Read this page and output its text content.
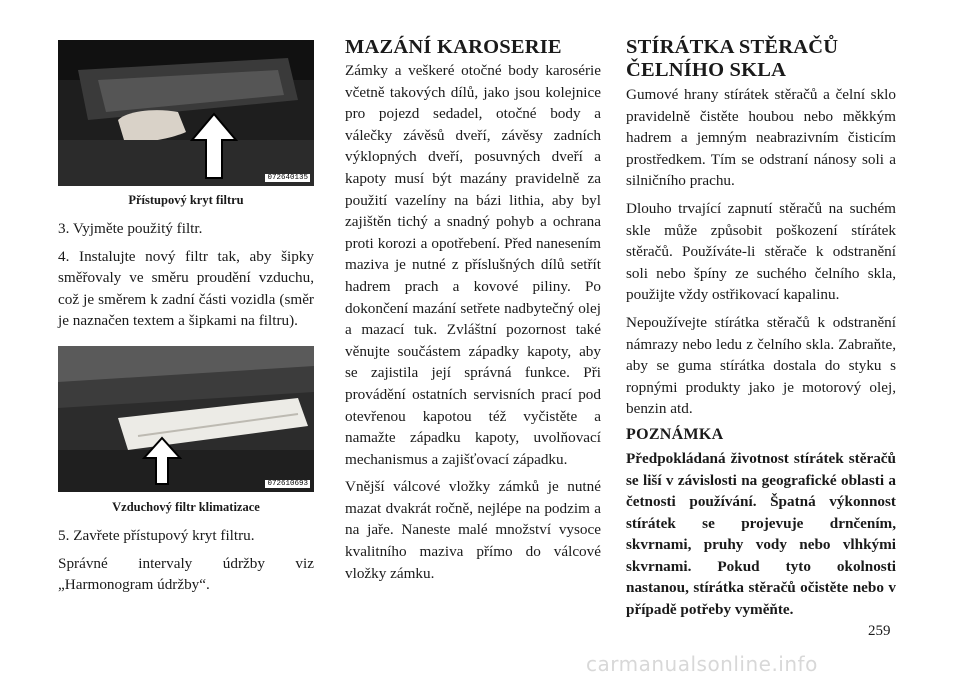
072640135
Přístupový kryt filtru

3. Vyjměte použitý filtr.

4. Instalujte nový filtr tak, aby šipky směřovaly ve směru proudění vzduchu, což je směrem k zadní části vozidla (směr je naznačen textem a šipkami na filtru).

072610693
Vzduchový filtr klimatizace

5. Zavřete přístupový kryt filtru.

Správné intervaly údržby viz „Harmonogram údržby“.

MAZÁNÍ KAROSERIE

Zámky a veškeré otočné body karosérie včetně takových dílů, jako jsou kolejnice pro pojezd sedadel, otočné body a válečky závěsů dveří, závěsy zadních výklopných dveří, posuvných dveří a kapoty musí být mazány pravidelně za použití vazelíny na bázi lithia, aby byl zajištěn tichý a snadný pohyb a ochrana proti korozi a opotřebení. Před nanesením maziva je nutné z příslušných dílů setřít hadrem prach a kovové piliny. Po dokončení mazání setřete nadbytečný olej a mazací tuk. Zvláštní pozornost také věnujte součástem západky kapoty, aby se zajistila její správná funkce. Při provádění ostatních servisních prací pod otevřenou kapotou též vyčistěte a namažte západku kapoty, uvolňovací mechanismus a zajišťovací západku.

Vnější válcové vložky zámků je nutné mazat dvakrát ročně, nejlépe na podzim a na jaře. Naneste malé množství vysoce kvalitního maziva přímo do válcové vložky zámku.

STÍRÁTKA STĚRAČŮ
ČELNÍHO SKLA

Gumové hrany stírátek stěračů a čelní sklo pravidelně čistěte houbou nebo měkkým hadrem a jemným neabrazivním čisticím prostředkem. Tím se odstraní nánosy soli a silničního prachu.

Dlouho trvající zapnutí stěračů na suchém skle může způsobit poškození stírátek stěračů. Používáte-li stěrače k odstranění soli nebo špíny ze suchého čelního skla, použijte vždy ostřikovací kapalinu.

Nepoužívejte stírátka stěračů k odstranění námrazy nebo ledu z čelního skla. Zabraňte, aby se guma stírátka dostala do styku s ropnými produkty jako je motorový olej, benzin atd.

POZNÁMKA

Předpokládaná životnost stírátek stěračů se liší v závislosti na geografické oblasti a četnosti používání. Špatná výkonnost stírátek se projevuje drnčením, skvrnami, pruhy vody nebo vlhkými skvrnami. Pokud tyto okolnosti nastanou, stírátka stěračů očistěte nebo v případě potřeby vyměňte.

259
carmanualsonline.info
